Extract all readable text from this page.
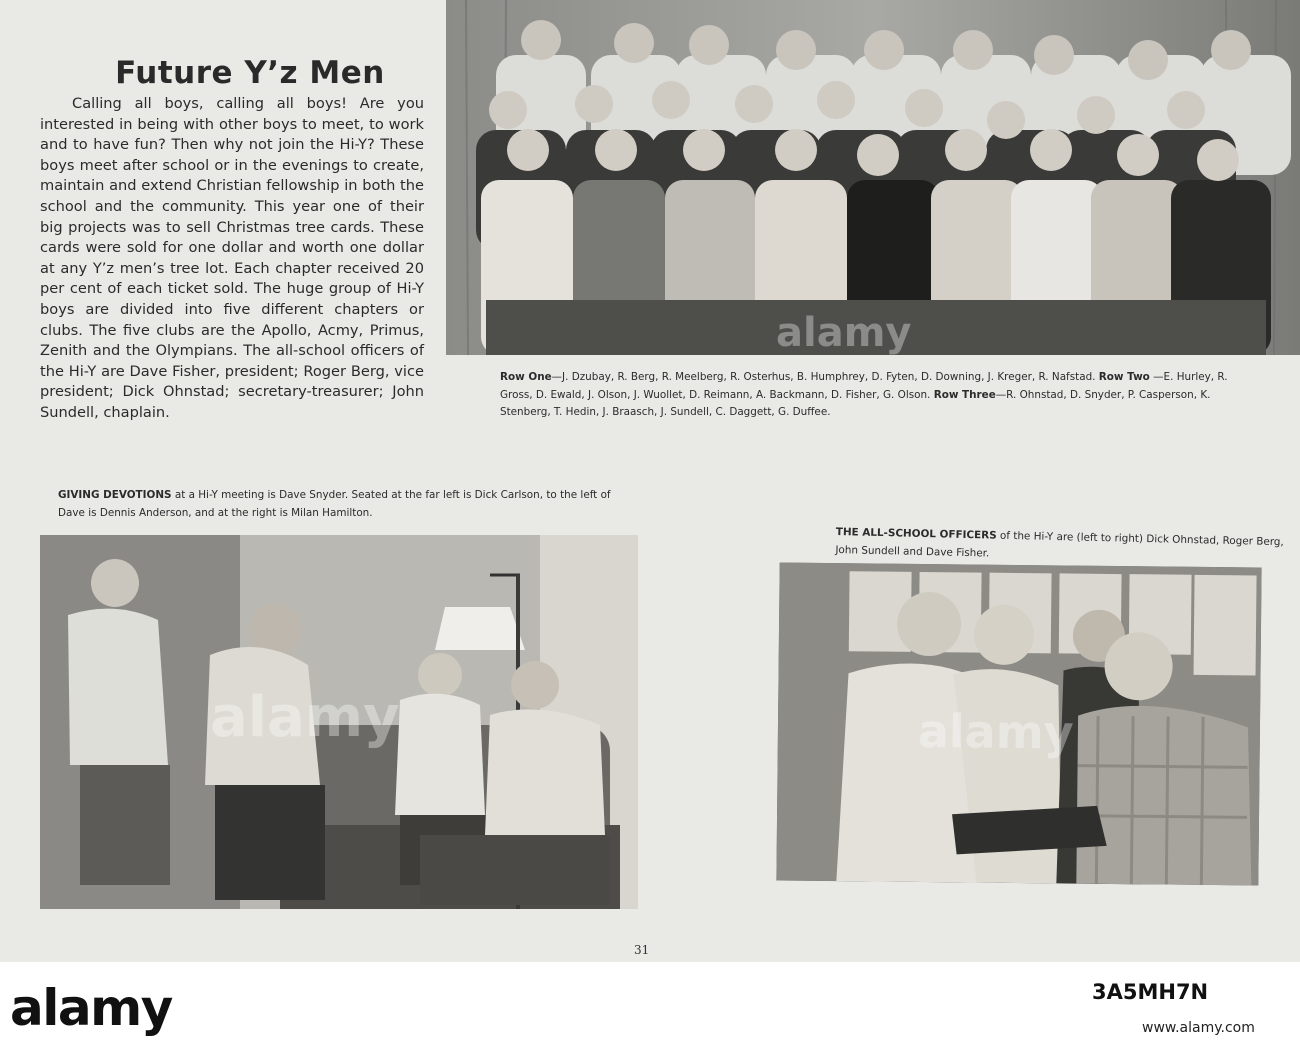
Future Y’z Men
Calling all boys, calling all boys! Are you interested in being with other boys to meet, to work and to have fun? Then why not join the Hi-Y? These boys meet after school or in the evenings to create, maintain and extend Christian fellowship in both the school and the community. This year one of their big projects was to sell Christmas tree cards. These cards were sold for one dollar and worth one dollar at any Y’z men’s tree lot. Each chapter received 20 per cent of each ticket sold. The huge group of Hi-Y boys are divided into five different chapters or clubs. The five clubs are the Apollo, Acmy, Primus, Zenith and the Olympians. The all-school officers of the Hi-Y are Dave Fisher, president; Roger Berg, vice president; Dick Ohnstad; secretary-treasurer; John Sundell, chaplain.
alamy
Row One—J. Dzubay, R. Berg, R. Meelberg, R. Osterhus, B. Humphrey, D. Fyten, D. Downing, J. Kreger, R. Nafstad. Row Two —E. Hurley, R. Gross, D. Ewald, J. Olson, J. Wuollet, D. Reimann, A. Backmann, D. Fisher, G. Olson. Row Three—R. Ohnstad, D. Snyder, P. Casperson, K. Stenberg, T. Hedin, J. Braasch, J. Sundell, C. Daggett, G. Duffee.
GIVING DEVOTIONS at a Hi-Y meeting is Dave Snyder. Seated at the far left is Dick Carlson, to the left of Dave is Dennis Anderson, and at the right is Milan Hamilton.
alamy
THE ALL-SCHOOL OFFICERS of the Hi-Y are (left to right) Dick Ohnstad, Roger Berg, John Sundell and Dave Fisher.
alamy
31
alamy	3A5MH7N
www.alamy.com
